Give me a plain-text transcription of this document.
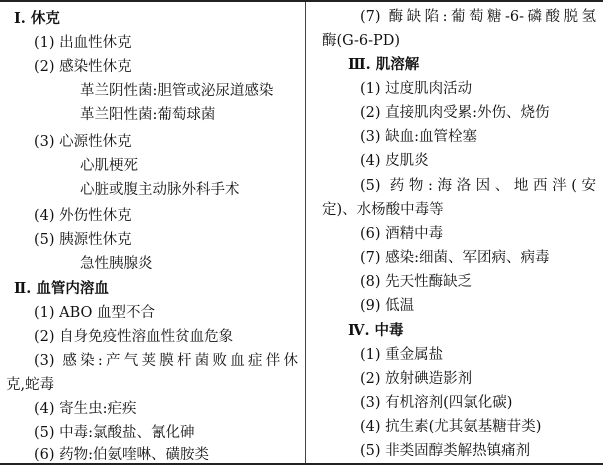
Ⅰ. 休克
(1) 出血性休克
(2) 感染性休克
革兰阴性菌:胆管或泌尿道感染
革兰阳性菌:葡萄球菌
(3) 心源性休克
心肌梗死
心脏或腹主动脉外科手术
(4) 外伤性休克
(5) 胰源性休克
急性胰腺炎
Ⅱ. 血管内溶血
(1) ABO 血型不合
(2) 自身免疫性溶血性贫血危象
(3) 感染:产气荚膜杆菌败血症伴休
克,蛇毒
(4) 寄生虫:疟疾
(5) 中毒:氯酸盐、氰化砷
(6) 药物:伯氨喹啉、磺胺类
(7) 酶缺陷:葡萄糖-6-磷酸脱氢
酶(G-6-PD)
Ⅲ. 肌溶解
(1) 过度肌肉活动
(2) 直接肌肉受累:外伤、烧伤
(3) 缺血:血管栓塞
(4) 皮肌炎
(5) 药物:海洛因、地西泮(安
定)、水杨酸中毒等
(6) 酒精中毒
(7) 感染:细菌、军团病、病毒
(8) 先天性酶缺乏
(9) 低温
Ⅳ. 中毒
(1) 重金属盐
(2) 放射碘造影剂
(3) 有机溶剂(四氯化碳)
(4) 抗生素(尤其氨基糖苷类)
(5) 非类固醇类解热镇痛剂
